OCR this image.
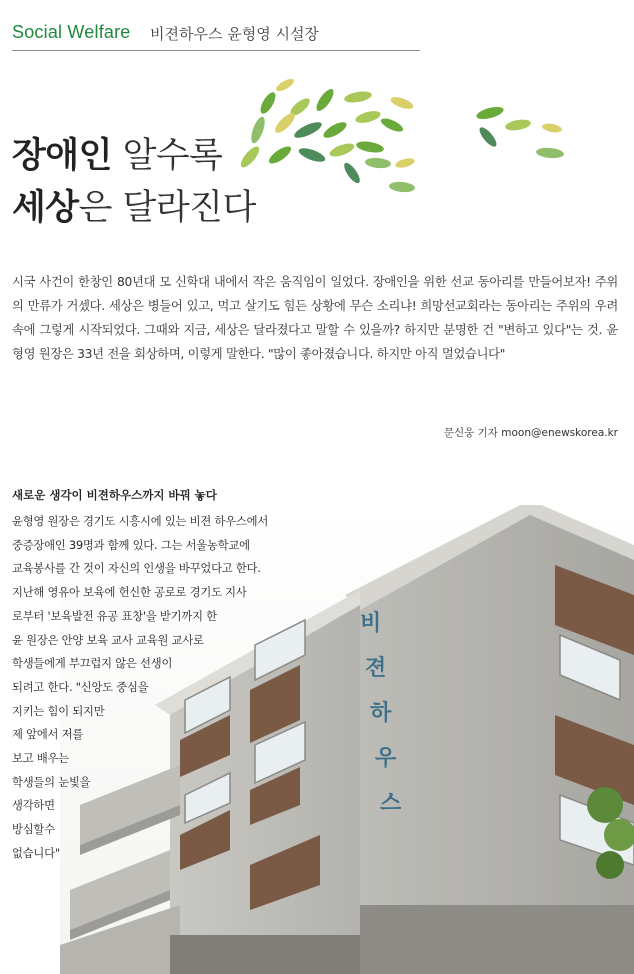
Social Welfare 비젼하우스 윤형영 시설장
장애인 알수록
세상은 달라진다
시국 사건이 한창인 80년대 모 신학대 내에서 작은 움직임이 일었다. 장애인을 위한 선교 동아리를 만들어보자! 주위의 만류가 거셌다. 세상은 병들어 있고, 먹고 살기도 힘든 상황에 무슨 소리냐! 희망선교회라는 동아리는 주위의 우려 속에 그렇게 시작되었다. 그때와 지금, 세상은 달라졌다고 말할 수 있을까? 하지만 분명한 건 "변하고 있다"는 것. 윤형영 원장은 33년 전을 회상하며, 이렇게 말한다. "많이 좋아졌습니다. 하지만 아직 멀었습니다"
문신웅 기자 moon@enewskorea.kr
비
젼
하
우
스
새로운 생각이 비젼하우스까지 바꿔 놓다
윤형영 원장은 경기도 시흥시에 있는 비젼 하우스에서
중증장애인 39명과 함께 있다. 그는 서울농학교에
교육봉사를 간 것이 자신의 인생을 바꾸었다고 한다.
지난해 영유아 보육에 헌신한 공로로 경기도 지사
로부터 '보육발전 유공 표창'을 받기까지 한
윤 원장은 안양 보육 교사 교육원 교사로
학생들에게 부끄럽지 않은 선생이
되려고 한다. "신앙도 중심을
지키는 힘이 되지만
제 앞에서 저를
보고 배우는
학생들의 눈빛을
생각하면
방심할수
없습니다"
